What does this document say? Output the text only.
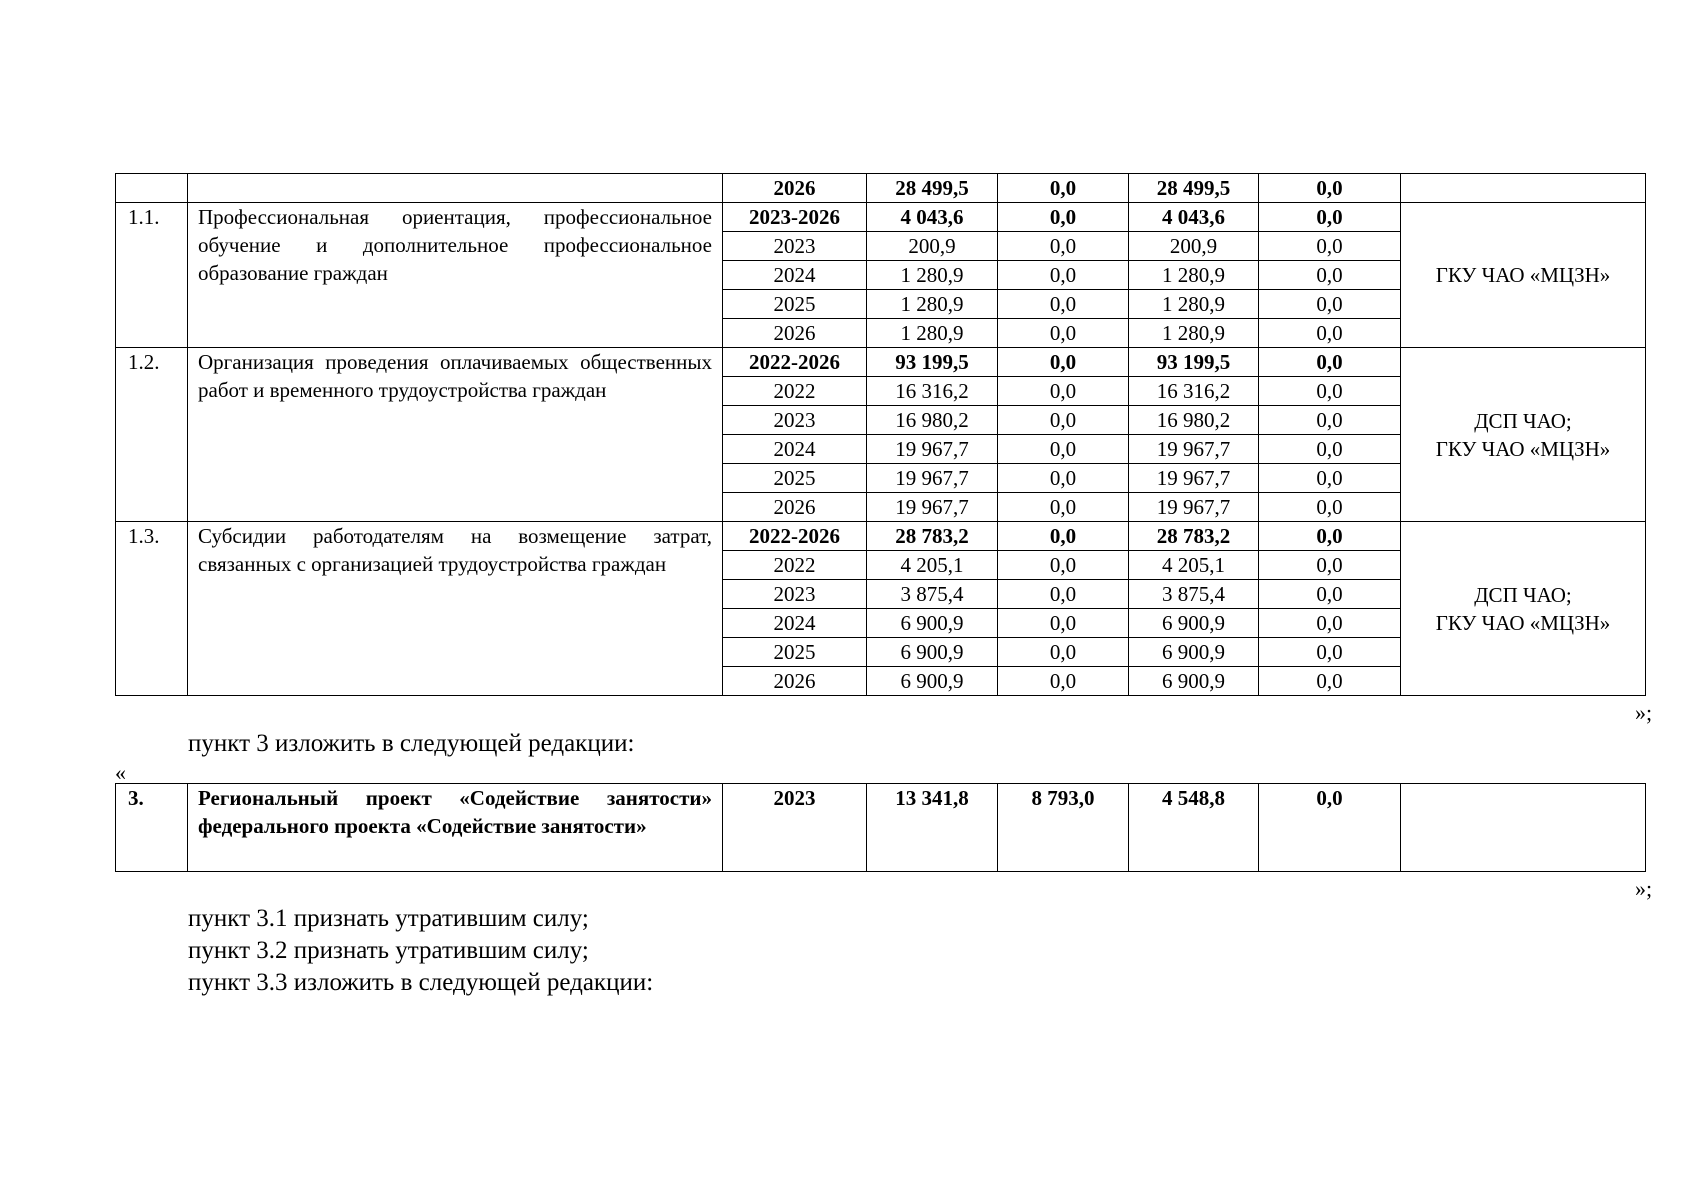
		2026	28 499,5	0,0	28 499,5	0,0	
1.1.	Профессиональная ориентация, профессиональное обучение и дополнительное профессиональное образование граждан	2023-2026	4 043,6	0,0	4 043,6	0,0	ГКУ ЧАО «МЦЗН»

		2023	200,9	0,0	200,9	0,0	
		2024	1 280,9	0,0	1 280,9	0,0	
		2025	1 280,9	0,0	1 280,9	0,0	
		2026	1 280,9	0,0	1 280,9	0,0	
1.2.	Организация проведения оплачиваемых общественных работ и временного трудоустройства граждан	2022-2026	93 199,5	0,0	93 199,5	0,0	ДСП ЧАО;
ГКУ ЧАО «МЦЗН»

		2022	16 316,2	0,0	16 316,2	0,0	
		2023	16 980,2	0,0	16 980,2	0,0	
		2024	19 967,7	0,0	19 967,7	0,0	
		2025	19 967,7	0,0	19 967,7	0,0	
		2026	19 967,7	0,0	19 967,7	0,0	
1.3.	Субсидии работодателям на возмещение затрат, связанных с организацией трудоустройства граждан	2022-2026	28 783,2	0,0	28 783,2	0,0	ДСП ЧАО;
ГКУ ЧАО «МЦЗН»

		2022	4 205,1	0,0	4 205,1	0,0	
		2023	3 875,4	0,0	3 875,4	0,0	
		2024	6 900,9	0,0	6 900,9	0,0	
		2025	6 900,9	0,0	6 900,9	0,0	
		2026	6 900,9	0,0	6 900,9	0,0	
»;
пункт 3 изложить в следующей редакции:
«
3.	Региональный проект «Содействие занятости» федерального проекта «Содействие занятости»	2023	13 341,8	8 793,0	4 548,8	0,0	
»;
пункт 3.1 признать утратившим силу;
пункт 3.2 признать утратившим силу;
пункт 3.3 изложить в следующей редакции:
